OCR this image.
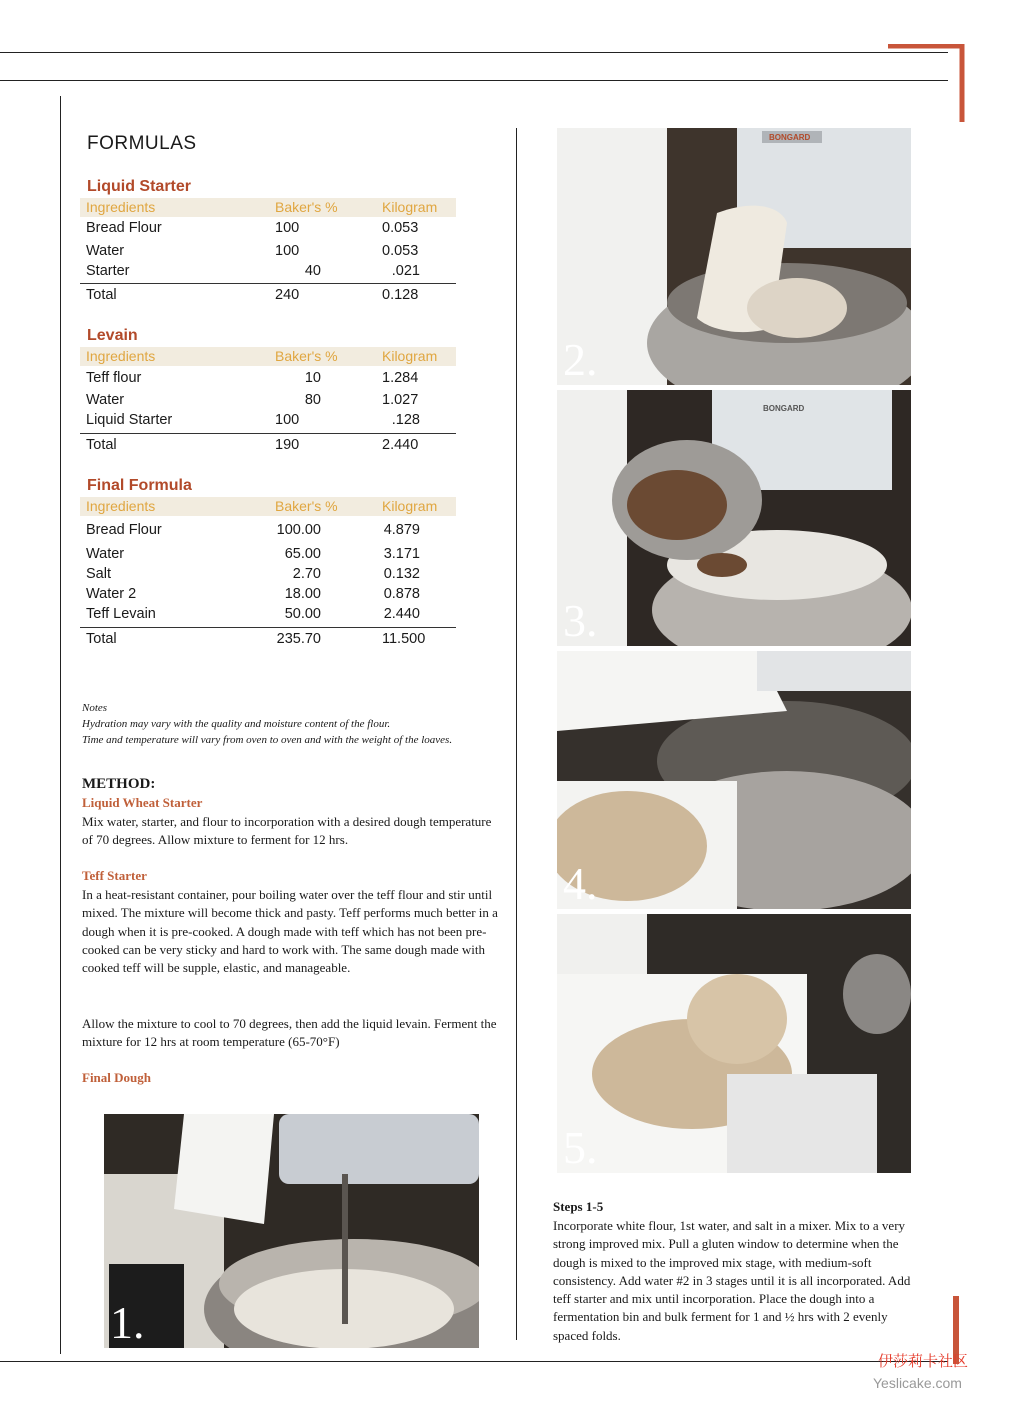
FORMULAS
Liquid Starter
Ingredients	Baker's %	Kilogram
Bread Flour	100	0.053
Water	100	0.053
Starter	40	.021
Total	240	0.128
Levain
Ingredients	Baker's %	Kilogram
Teff flour	10	1.284
Water	80	1.027
Liquid Starter	100	.128
Total	190	2.440
Final Formula
Ingredients	Baker's %	Kilogram
Bread Flour	100.00	4.879
Water	65.00	3.171
Salt	2.70	0.132
Water 2	18.00	0.878
Teff Levain	50.00	2.440
Total	235.70	11.500
Notes
Hydration may vary with the quality and moisture content of the flour.
Time and temperature will vary from oven to oven and with the weight of the loaves.
METHOD:
Liquid Wheat Starter
Mix water, starter, and flour to incorporation with a desired dough temperature of 70 degrees. Allow mixture to ferment for 12 hrs.
Teff Starter
In a heat-resistant container, pour boiling water over the teff flour and stir until mixed. The mixture will become thick and pasty. Teff performs much better in a dough when it is pre-cooked. A dough made with teff which has not been pre-cooked can be very sticky and hard to work with. The same dough made with cooked teff will be supple, elastic, and manageable.
Allow the mixture to cool to 70 degrees, then add the liquid levain. Ferment the mixture for 12 hrs at room temperature (65-70°F)
Final Dough
1.
BONGARD
2.
BONGARD
3.
4.
5.
Steps 1-5
Incorporate white flour, 1st water, and salt in a mixer. Mix to a very strong improved mix. Pull a gluten window to determine when the dough is mixed to the improved mix stage, with medium-soft consistency. Add water #2 in 3 stages until it is all incorporated. Add teff starter and mix until incorporation. Place the dough into a fermentation bin and bulk ferment for 1 and ½ hrs with 2 evenly spaced folds.
伊莎莉卡社区
Yeslicake.com
